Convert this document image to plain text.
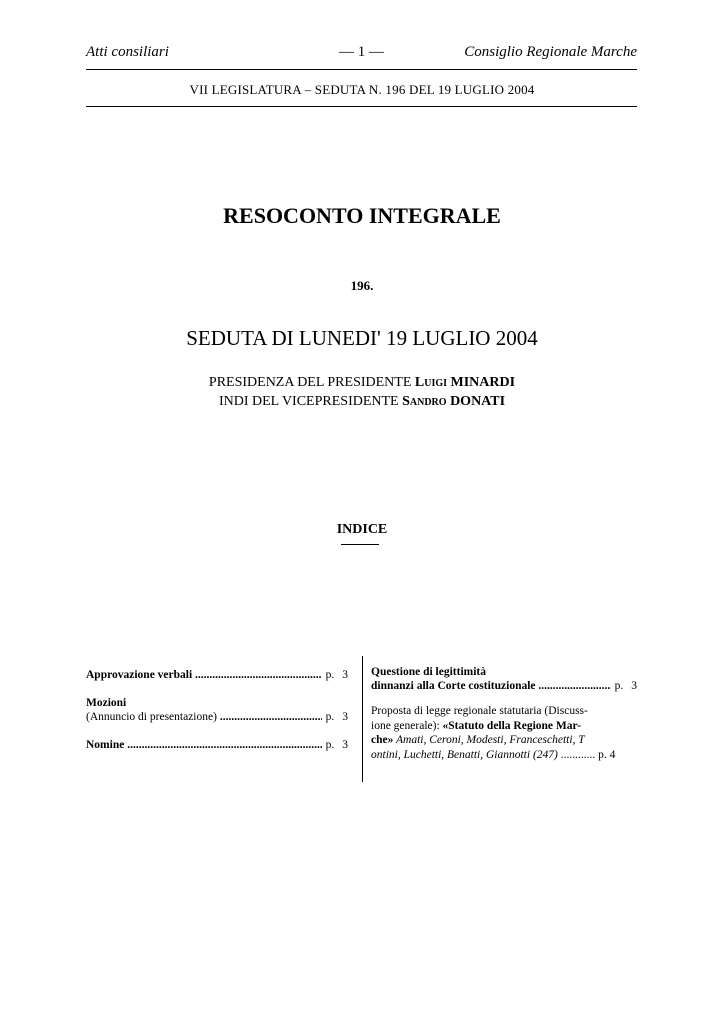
Atti consiliari	— 1 —	Consiglio Regionale Marche
VII LEGISLATURA – SEDUTA N. 196 DEL 19 LUGLIO 2004
RESOCONTO INTEGRALE
196.
SEDUTA DI LUNEDI' 19 LUGLIO 2004
PRESIDENZA DEL PRESIDENTE Luigi MINARDI
INDI DEL VICEPRESIDENTE Sandro DONATI
INDICE
Approvazione verbali .....	p. 3
Mozioni
(Annuncio di presentazione) .....	p. 3
Nomine .....	p. 3
Questione di legittimità
dinnanzi alla Corte costituzionale .....	p. 3
Proposta di legge regionale statutaria (Discuss-
ione generale): «Statuto della Regione Mar-
che» Amati, Ceroni, Modesti, Franceschetti, T
ontini, Luchetti, Benatti, Giannotti (247) ............ p. 4
